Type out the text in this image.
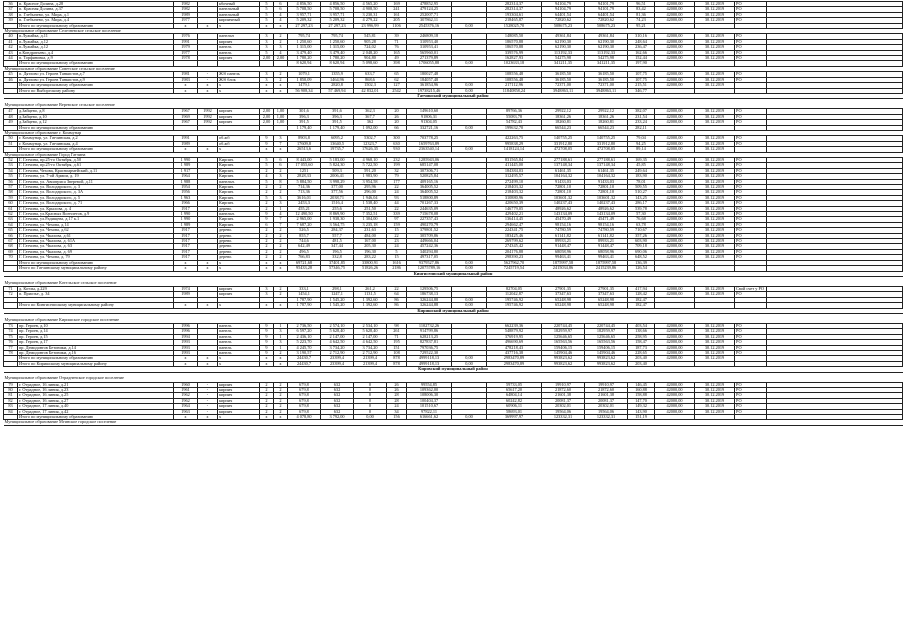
36	п. Красное Долина, д.28	1982		кбочный	5	6	4 856,50	4 856,50	4 565,20	169	478852,95		282314,37	94104,79	94101,79	96,51	42000,00	30.12.2019	РО	
37	п. Красная Долина, д.37	1982		панельный	5	6	5 708,50	5 708,50	4 908,50	241	479124,25		282314,37	94104,79	94101,79	83,42	42000,00	30.12.2019	РО	
38	п. Глебычево, ул. Мира, д.1	1989		панельный	5	4	3 957,71	3 957,71	3 230,31	161	252007,71		193304,61	64401,54	64401,54	81,36	42000,00	30.12.2019	РО	
39	п. Глебычево, ул. Мира, д.4	1977		кирпичный	5	4	5 209,32	5 209,32	4 279,22	205	307862,11		218465,87	72820,62	72820,62	74,23	42000,00	30.12.2019	РО	
	Итого по муниципальному образованию	х	х	х	х	х	27 297,23	27 297,23	23 996,99	1106	2545376,16	0,00	1528025,70	508675,23	508675,23	95,21				
Муниципальное образование Селезневское сельское поселение																				
40	п.Лужайка, д.11	1976		панельн	3	2	795,74	795,74	545,81	39	246809,18		148085,50	49361,84	49361,84	310,16	42000,00	30.12.2019	РО	
41	п.Лужайка, д.12	1991		кирпич	3	2	1 250,60	1 250,60	905,28	71	310953,40		186570,88	62190,30	62190,30	248,64	42000,00	30.12.2019	РО	
42	п.Лужайка, д.12	1979		панель	3	3	1 315,00	1 315,00	724,02	76	310953,41		186570,88	62190,30	62190,30	236,47	42000,00	30.12.2019	РО	
43	п.Кондратьево, д.4	1977		панель	5	4	3 479,40	3 479,40	2 048,20	165	565960,01		339576,99	113192,33	113192,33	162,66	42000,00	30.12.2019	РО	
44	п. Торфяновка, д.9	1978		кирпич	2,00	2,00	1 780,20	1 780,20	904,80	49	271379,89		162827,93	54275,98	54275,98	152,44	42000,00	30.12.2019	РО	
	Итого по муниципальному образованию						8 620,94	8 620,94	5 098,60	398	1706055,88	0,00	1023633,18	341211,35	341211,35	197,90				
Муниципальное образование Советское сельское поселение																				
45	п. Дятлово ул. Героев Танкистов,д.7	1981	-	Ж/б панель	3	2	1079,1	1355,9	633,7	65	180027,48		108556,48	36185,50	36185,50	107,75	42000,00	30.12.2019	РО	
46	п. Дятлово ул. Героев Танкистов,д.9	1983	-	Ж/б блок	3	2	1 850,09	1464,96	868,6	62	184057,48		108556,48	36185,50	36185,50	107,75	42000,00	30.12.2019	РО	
	Итого по муниципальному образованию	х	х	х	х	х	1479,1	2820,8	1502,3	127	361854,96	0,00	217112,96	72371,00	72371,00	215,51	42000,00	30.12.2019		
	Итого по Выборгскому району	х	х	х	х	х	56 908,34	57 469,94	42 832,01	2542	19738215,46	0,00	11840858,24	3948863,11	3948863,11	346,77				
Гатчинский муниципальный район																				
Муниципальное образование Веревское сельское поселение																				
47	д.Зайцево, д.8	1967	1992	кирпич	2,00	1,00	301,6	391,6	362,3	20	149610,60		89766,36	29922,12	29922,12	382,07	42000,00	30.12.2019	РО	
48	д.Зайцево, д.10	1969	1992	кирпич	2,00	1,00	396,3	396,3	367,7	26	91806,31		55083,78	18361,26	18361,26	231,54	42000,00	30.12.2019	РО	
49	д.Зайцево, д.12	1967	1992	кирпич	2,00	1,00	391,5	391,5	362	20	91304,05		54782,43	18260,81	18260,81	233,24	42000,00	30.12.2019	РО	
	Итого по муниципальному образованию						1 179,40	1 179,40	1 092,00	66	332721,16	0,00	199632,70	66544,23	66544,23	282,11				
Муниципальное образование г. Коммунар																				
50	г. Коммунар, ул. Гатчинская, д.2	1991		об.жб	9	3	8903,8	6095,2	5302,7	300	703778,25		422263,75	140755,25	140755,25	79,04	42000,00	30.12.2019	РО	
51	г. Коммунар, ул. Гатчинская, д.4	1989		об.жб	9	7	17609,8	13640,5	12323,7	630	1659763,89		995838,29	331912,80	331912,80	94,25	42000,00	30.12.2019	РО	
	Итого по муниципальному образованию	х	х	х	х	х	26513,6	19735,7	17626,35	930	2363540,14	0,00	1418124,14	472708,05	472708,05	89,14	42000,00	30.12.2019		
Муниципальное образование Город Гатчина																				
52	Г. Гатчина, пр.25-го Октября, д.50	1 990		Кирпич.	5	6	8 443,00	5 183,00	4 968,10	232	1285943,06		831565,84	277188,61	277188,61	169,35	42000,00	30.12.2019	РО	
53	Г. Гатчина, пр.25-го Октября, д.61	1 989		Кирпич.	5	6	17 055,60	5 824,30	5 722,50	199	685147,08		411445,00	137148,34	137148,34	45,85	42000,00	30.12.2019	РО	
54	Г. Гатчина, Чехова, Красноармейский, д.11	1 917		Кирпич.	2	2	1251	509,3	591,20	32	307306,71		184384,03	61461,35	61461,35	249,64	42000,00	30.12.2019	РО	
55	Г. Гатчина, ул. 7-ой Армии, д. 19	1964		Кирпич.	4	3	2828,33	2006,41	1 983,90	79	520825,84		312495,57	104164,32	104164,32	183,90	42000,00	30.12.2019	РО	
56	Г. Гатчина, ул. Авиатриса Зверевой, д.11	1 988		панельн.	5	8	5 884,50	3 998,29	3 954,58	177	409165,16		272499,10	91433,03	91433,03	78,01	42000,00	30.12.2019	РО	
57	Г. Гатчина, ул. Володарского, д. 3	1954		Кирпич.	2	2	714,36	377,00	295,96	22	364005,52		218403,32	72801,10	72801,10	509,55	42000,00	30.12.2019	РО	
58	Г. Гатчина, ул. Володарского, д. 3А	1956		Кирпич.	2	2	713,36	377,56	296,00	24	364005,52		218403,32	72801,10	72801,10	510,27	42000,00	30.12.2019	РО	
59	Г. Гатчина, ул. Володарского, д. 5	1 963		Кирпич.	5	3	3616,01	2038,71	1 946,04	93	518800,89		310880,96	103601,32	103601,32	143,25	42000,00	30.12.2019	РО	
60	Г. Гатчина, ул. Володарского, д. 71	1966		Кирпич.	2	3	2453,3	1516,4	1 538,40	44	701267,33		420650,39	140237,43	140237,43	286,17	42000,00	30.12.2019	РО	
61	Г. Гатчина, ул. Крылова, д. 4	1917		дерево.	2	1	455,21	255,6	251,50	22	244635,09		146779,05	48926,62	48926,62	539,78	42000,00	30.12.2019	РО	
62	Г. Гатчина, ул.Красных Военлетов, д.9	1 990		панельн.	9	4	12 490,50	8 869,90	7 352,51	339	715678,08		429402,21	143134,09	143134,09	57,30	42000,00	30.12.2019	РО	
63	Г. Гатчина, ул.Радищева, д.17 к.1	1 990		Кирпич.	9	7	2 965,00	1 938,30	1 304,00	97	227357,43		136414,45	45470,49	45471,49	76,68	42000,00	30.12.2019	РО	
64	Г. Гатчина, ул. Чехова, д.14	1 989		Кирпич.	6	7	7 687,20	3 564,75	3 235,18	159	490270,79		294662,47	98154,16	98154,16	63,78	42000,00	30.12.2019	РО	
65	Г. Гатчина, ул. Чехова, д.62	1917		дерево.	2	2	526,5	284,37	231,63	15	379801,52		224341,75	74780,59	74780,59	710,67	42000,00	30.12.2019	РО	
66	Г. Гатчина, ул. Чкалова, д.61	1917		дерево.	2	2	855,7	557,7	484,00	22	305709,86		183425,46	61141,82	61141,82	357,26	42000,00	30.12.2019	РО	
67	Г. Гатчина, ул. Чкалова, д. 61А	1917		дерево.	2	2	744,6	481,5	167,00	23	449666,04		269799,62	89933,21	89933,21	603,90	42000,00	30.12.2019	РО	
68	Г. Гатчина, ул. Чкалова, д. 63	1917		дерево.	2	2	642,49	347,44	205,30	24	457242,36		274345,42	91448,47	91448,47	709,18	42000,00	30.12.2019	РО	
69	Г. Гатчина, ул. Чкалова, д. 69	1917		дерево.	2	2	496,5	196,5	196,30	5	340294,80		204176,88	68058,96	68058,96	690,06	42000,00	30.12.2019	РО	
70	Г. Гатчина, ул. Чехова, д. 79	1917		дерево.	2	2	766,83	332,8	283,22	15	497317,05		298390,23	99463,41	99463,41	648,52	42000,00	30.12.2019	РО	
	Итого по муниципальному образованию	х	х	х	х	х	69721,68	37401,85	33800,91	1616	9379527,86	0,00	5627962,70	1875997,58	1875997,58	136,39				
	Итого по Гатчинскому муниципальному району	х	х	х	х	х	95433,28	57346,75	51826,26	2186	12075789,16	0,00	7245719,54	2415034,86	2415239,86	126,54				
Кингисеппский муниципальный район																				
Муниципальное образование Котельское сельское поселение																				
71	д. Котлы, д.229	1974		кирпич	3	2	333,1	298,1	261,2	22	129506,75		82704,05	27901,35	27901,35	417,94	42000,00	30.12.2019	Свой счет у РО	
72	п. Приозье, д. 34	1989		кирпич	3	2	1454,1	1247,1	1131,5	64	186738,13		112042,87	37347,63	37347,63	128,42	42000,00	30.12.2019	РО	
							1 787,90	1 545,20	1 392,60	86	326244,88	0,00	195746,92	65248,98	65248,98	182,47				
	Итого по Кингисеппскому муниципальному району	х	х	х	х	х	1 787,90	1 545,20	1 392,60	86	326244,88	0,00	195746,92	65248,98	65248,98	182,47				
Киришский муниципальный район																				
Муниципальное образование Киришское городское поселение																				
73	пр. Героев, д.10	1996		панель	9	1	2 736,50	2 574,10	2 534,10	98	1102732,26		662239,36	220744,45	220744,45	403,54	42000,00	30.12.2019	РО	
74	пр. Героев, д.14	1996		панель	9	3	6 597,20	5 628,40	5 628,40	261	914799,86		548879,92	182959,97	182959,97	138,66	42000,00	30.12.2019	РО	
75	пр. Героев, д.15	1994		панель	9	1	2 436,10	2 147,00	2 147,00	71	628213,25		376919,95	125646,65	125646,65	258,95	42000,00	30.12.2019	РО	
76	пр. Героев, д.17	1993		панель	9	3	5 223,70	4 642,50	4 642,50	195	827837,81		496690,69	165563,56	165563,56	158,47	42000,00	30.12.2019	РО	
77	пр. Демидовтов Бетоники, д.14	1993		панель	9	1	4 245,70	3 734,20	3 734,20	151	797036,75		478218,43	159406,15	159406,15	187,73	42000,00	30.12.2019	РО	
78	пр. Демидовтов Бетоники, д.16	1993		панель	9	2	3 190,57	2 712,90	2 712,90	108	729522,30		437716,38	145904,46	145904,46	228,65	42000,00	30.12.2019	РО	
	Итого по муниципальному образованию	х	х	х	х	х	24430,7	23399,4	21399,4	878	4999118,13	0,00	2983470,89	993823,62	993823,62	203,40	42000,00	30.12.2019		
	Итого по Киришскому муниципальному району	х	х	х	х	х	24430,7	23399,4	21399,4	878	4999118,13	0,00	2983470,89	993823,62	993823,62	203,40				
Кировский муниципальный район																				
Муниципальное образование Отрадненское городское поселение																				
79	г. Отрадное, 16 линия, д.21	1960	-	кирпич	2	2	679,8	632	0	26	99554,85		59733,05	19910,97	19910,97	146,45	42000,00	30.12.2019	РО	
80	г. Отрадное, 16 линия, д.23	1961	-	кирпич	2	2	679,8	632	0	26	109362,00		65617,20	21872,60	21872,60	160,88	42000,00	30.12.2019	РО	
81	г. Отрадное, 16 линия, д.25	1962	-	кирпич	2	2	679,8	632	0	28	108006,30		64804,14	21601,38	21601,38	158,88	42000,00	30.12.2019	РО	
82	г. Отрадное, 16 линия, д.27	1962	-	кирпич	2	2	679,8	632	0	28	100404,37		60242,82	20081,37	20081,37	147,70	42000,00	30.12.2019	РО	
83	г. Отрадное, 17 линия, д.40	1964	-	кирпич	2	2	679,8	632	0	24	101510,67		60906,11	20302,01	20302,01	149,32	42000,00	30.12.2019	РО	
84	г. Отрадное, 17 линия, д.42	1963	-	кирпич	2	2	679,8	632	0	34	97822,11		58693,01	19564,06	19564,06	143,90	42000,00	30.12.2019	РО	
	Итого по муниципальному образованию	х	х	х	х	х	4 078,80	3 792,00	0,00	156	616661,62	0,00	369997,97	123332,31	123332,31	151,19				
Муниципальное образование Мгинское городское поселение																				
